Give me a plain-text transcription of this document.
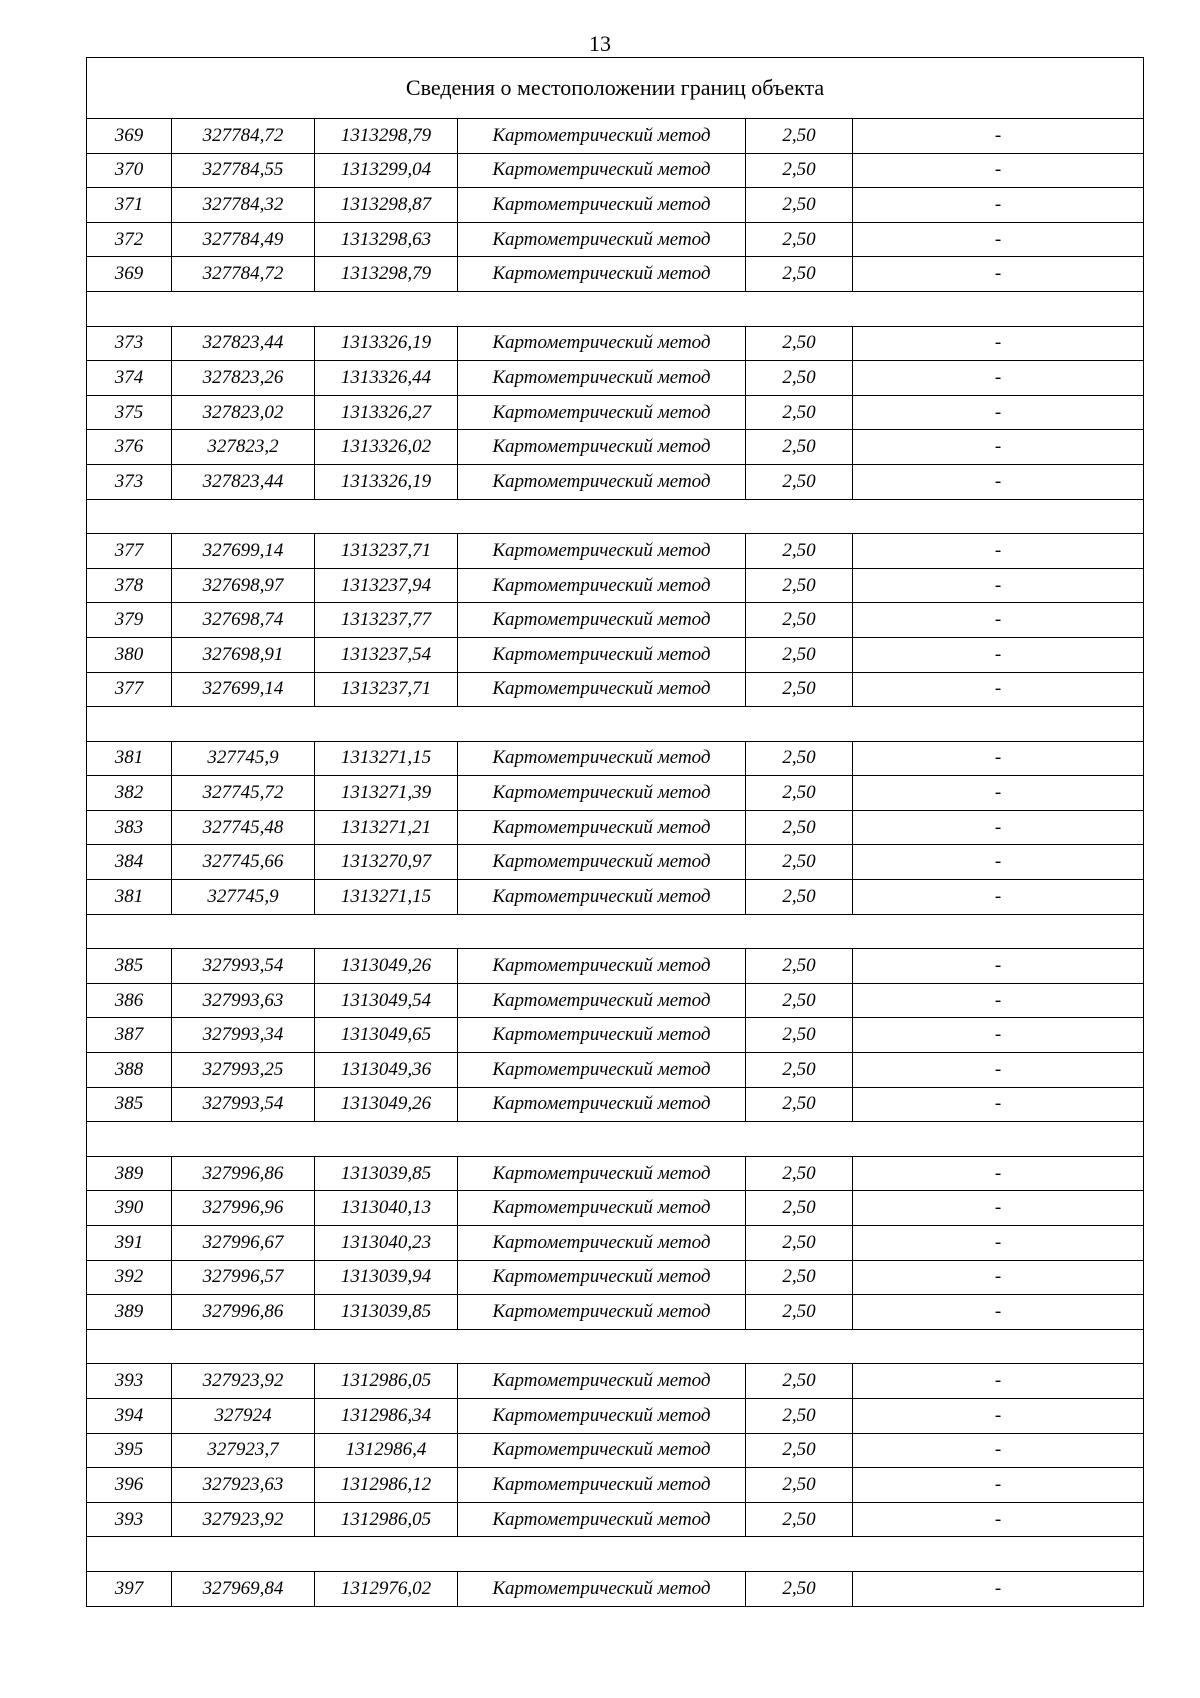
13
Сведения о местоположении границ объекта					
369	327784,72	1313298,79	Картометрический метод	2,50	-
370	327784,55	1313299,04	Картометрический метод	2,50	-
371	327784,32	1313298,87	Картометрический метод	2,50	-
372	327784,49	1313298,63	Картометрический метод	2,50	-
369	327784,72	1313298,79	Картометрический метод	2,50	-

373	327823,44	1313326,19	Картометрический метод	2,50	-
374	327823,26	1313326,44	Картометрический метод	2,50	-
375	327823,02	1313326,27	Картометрический метод	2,50	-
376	327823,2	1313326,02	Картометрический метод	2,50	-
373	327823,44	1313326,19	Картометрический метод	2,50	-

377	327699,14	1313237,71	Картометрический метод	2,50	-
378	327698,97	1313237,94	Картометрический метод	2,50	-
379	327698,74	1313237,77	Картометрический метод	2,50	-
380	327698,91	1313237,54	Картометрический метод	2,50	-
377	327699,14	1313237,71	Картометрический метод	2,50	-

381	327745,9	1313271,15	Картометрический метод	2,50	-
382	327745,72	1313271,39	Картометрический метод	2,50	-
383	327745,48	1313271,21	Картометрический метод	2,50	-
384	327745,66	1313270,97	Картометрический метод	2,50	-
381	327745,9	1313271,15	Картометрический метод	2,50	-

385	327993,54	1313049,26	Картометрический метод	2,50	-
386	327993,63	1313049,54	Картометрический метод	2,50	-
387	327993,34	1313049,65	Картометрический метод	2,50	-
388	327993,25	1313049,36	Картометрический метод	2,50	-
385	327993,54	1313049,26	Картометрический метод	2,50	-

389	327996,86	1313039,85	Картометрический метод	2,50	-
390	327996,96	1313040,13	Картометрический метод	2,50	-
391	327996,67	1313040,23	Картометрический метод	2,50	-
392	327996,57	1313039,94	Картометрический метод	2,50	-
389	327996,86	1313039,85	Картометрический метод	2,50	-

393	327923,92	1312986,05	Картометрический метод	2,50	-
394	327924	1312986,34	Картометрический метод	2,50	-
395	327923,7	1312986,4	Картометрический метод	2,50	-
396	327923,63	1312986,12	Картометрический метод	2,50	-
393	327923,92	1312986,05	Картометрический метод	2,50	-

397	327969,84	1312976,02	Картометрический метод	2,50	-
